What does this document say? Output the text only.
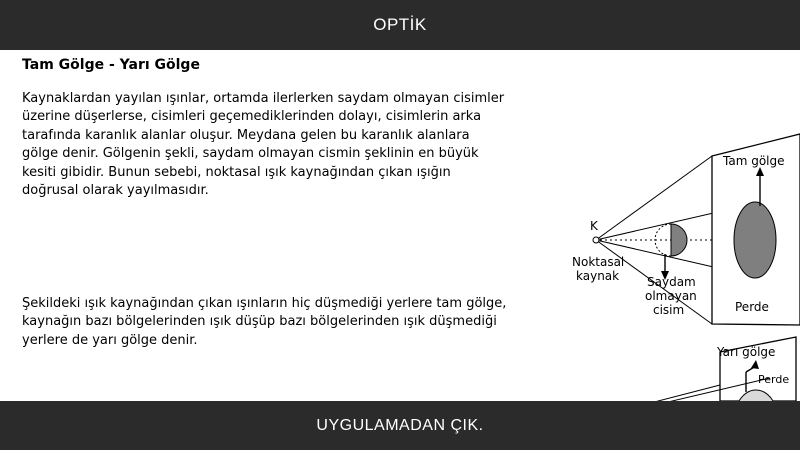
OPTİK
Tam Gölge - Yarı Gölge
Kaynaklardan yayılan ışınlar, ortamda ilerlerken saydam olmayan cisimler
üzerine düşerlerse, cisimleri geçemediklerinden dolayı, cisimlerin arka
tarafında karanlık alanlar oluşur. Meydana gelen bu karanlık alanlara
gölge denir. Gölgenin şekli, saydam olmayan cismin şeklinin en büyük
kesiti gibidir. Bunun sebebi, noktasal ışık kaynağından çıkan ışığın
doğrusal olarak yayılmasıdır.
Şekildeki ışık kaynağından çıkan ışınların hiç düşmediği yerlere tam gölge,
kaynağın bazı bölgelerinden ışık düşüp bazı bölgelerinden ışık düşmediği
yerlere de yarı gölge denir.
Tam gölge
K
Noktasal
kaynak Saydam
olmayan
cisim	Perde
Yarı gölge
Perde
UYGULAMADAN ÇIK.
